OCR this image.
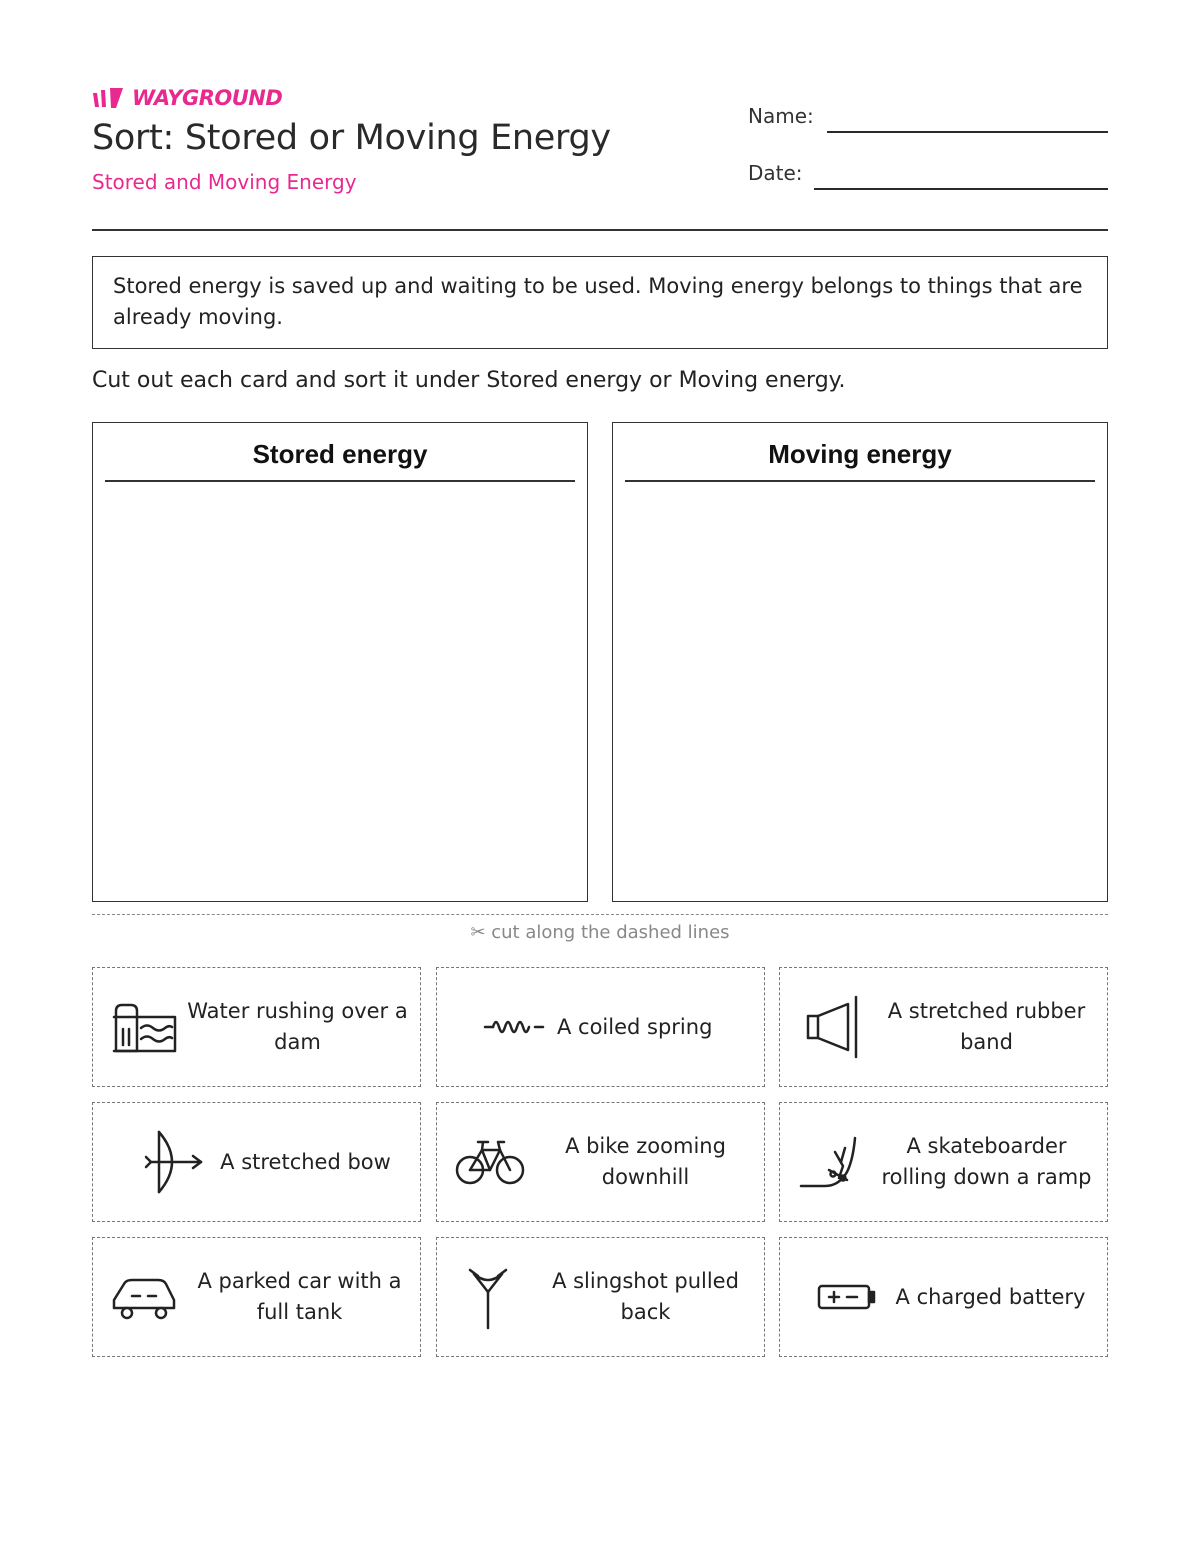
WAYGROUND
Sort: Stored or Moving Energy
Stored and Moving Energy
Name:
Date:
Stored energy is saved up and waiting to be used. Moving energy belongs to things that are already moving.
Cut out each card and sort it under Stored energy or Moving energy.
Stored energy	Moving energy
✂ cut along the dashed lines
Water rushing over a dam
A coiled spring
A stretched rubber band
A stretched bow
A bike zooming downhill
A skateboarder rolling down a ramp
A parked car with a full tank
A slingshot pulled back
A charged battery
